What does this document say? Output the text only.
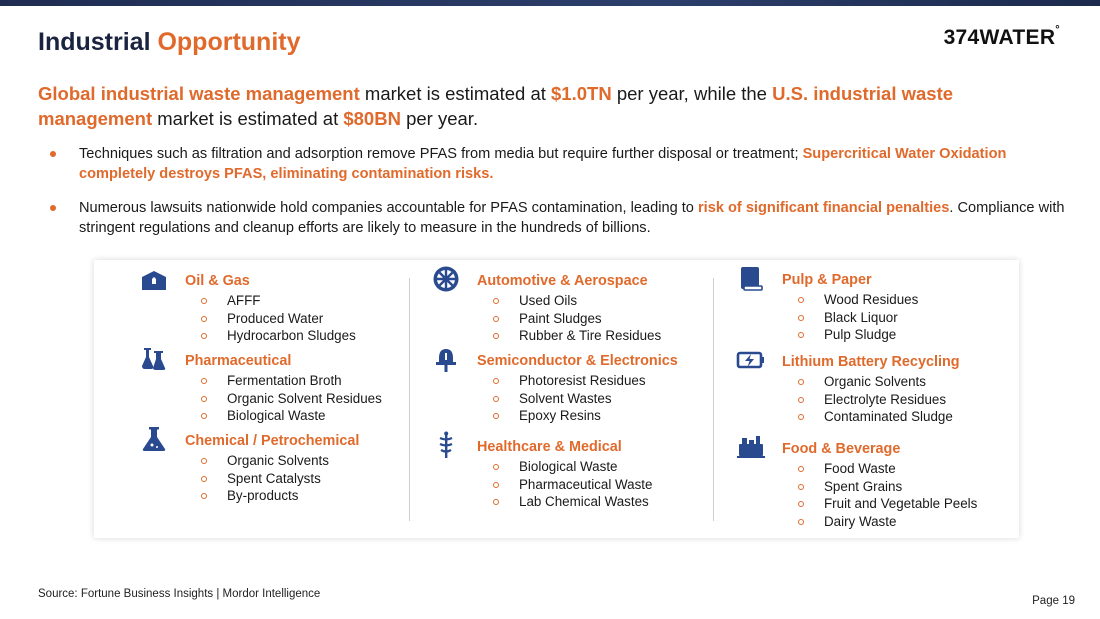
Industrial Opportunity	374WATER°

Global industrial waste management market is estimated at $1.0TN per year, while the U.S. industrial waste management market is estimated at $80BN per year.

Techniques such as filtration and adsorption remove PFAS from media but require further disposal or treatment; Supercritical Water Oxidation completely destroys PFAS, eliminating contamination risks.
Numerous lawsuits nationwide hold companies accountable for PFAS contamination, leading to risk of significant financial penalties. Compliance with stringent regulations and cleanup efforts are likely to measure in the hundreds of billions.
Oil & Gas
AFFF
Produced Water
Hydrocarbon Sludges
Pharmaceutical
Fermentation Broth
Organic Solvent Residues
Biological Waste
Chemical / Petrochemical
Organic Solvents
Spent Catalysts
By-products
Automotive & Aerospace
Used Oils
Paint Sludges
Rubber & Tire Residues
Semiconductor & Electronics
Photoresist Residues
Solvent Wastes
Epoxy Resins
Healthcare & Medical
Biological Waste
Pharmaceutical Waste
Lab Chemical Wastes
Pulp & Paper
Wood Residues
Black Liquor
Pulp Sludge
Lithium Battery Recycling
Organic Solvents
Electrolyte Residues
Contaminated Sludge
Food & Beverage
Food Waste
Spent Grains
Fruit and Vegetable Peels
Dairy Waste
Source: Fortune Business Insights | Mordor Intelligence
Page 19
